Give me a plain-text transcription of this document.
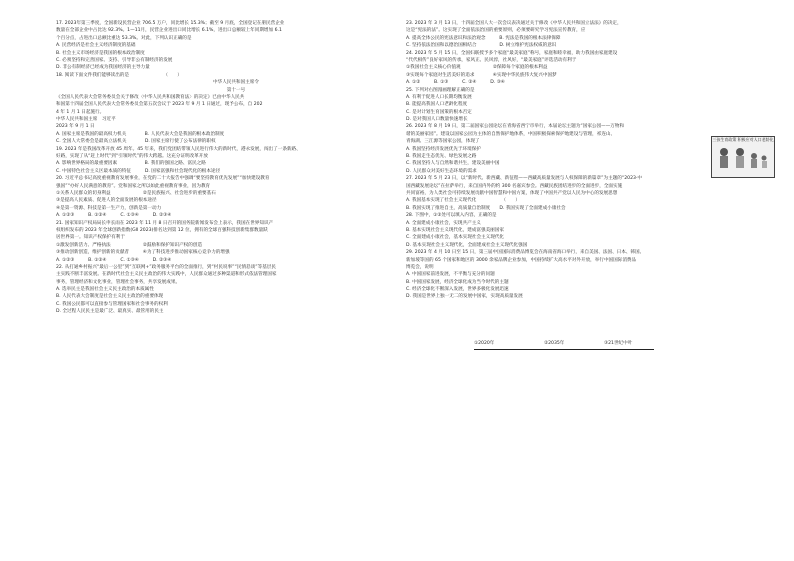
17. 2023年第三季度，全国新设民营企业 706.5 万户，同比增长 15.3%；截至 9 月底，全国登记在册民营企业
数量在全部企业中占比达 92.3%。1—11月，民营企业进出口同比增长 6.1%，进出口总额较上年同期增加 6.1
个百分点，占进出口总额比重达 53.3%。对此，下列认识正确的是
A. 民营经济是社会主义经济制度的基础
B. 社会主义市场经济是我国的根本政治制度
C. 必须坚持和完善国家、支持、引导非公有制经济的发展
D. 非公有制经济已经成为我国经济的主导力量
18. 阅读下面文件我们能够读出的是　　　　　　　　（　　）
中华人民共和国主席令
第十一号
《全国人民代表大会常务委员会关于修改〈中华人民共和国教育法〉的决定》已由中华人民共
和国第十四届全国人民代表大会常务委员会第五次会议于 2023 年 9 月 1 日通过，现予公布，自 202
4 年 1 月 1 日起施行。
中华人民共和国主席　习近平
2023 年 9 月 1 日
A. 国家主席是我国的最高权力机关　　　　B. 人民代表大会是我国的根本政治制度
C. 全国人大常委会是最高立法机关　　　　D. 国家主席行使了公布法律的职权
19. 2023 年是我国改革开放 45 周年。45 年来，我们党团结带领人民进行伟大的新时代，港永发展，闯出了一条新路、
好路，实现了从“赶上时代”到“引领时代”的伟大跨越。这充分证明改革开放
A. 影响世界格局的最重要因素　　　　　　B. 我们的强国之路、富民之路
C. 中国特色社会主义区最本质的特征　　　D. 国家富强和社会现代化的根本途径
20. 习近平总书记高度重视教育发展事业，在党的二十大报告中强调“要坚持教育优先发展”“加快建设教育
强国”“办好人民满意的教育”。党和国家之所以如此重视教育事业，因为教育
①关系人民群众的切身利益　　　　　　　②是民族振兴、社会进步的重要基石
③是提高人民素质、促进人的全面发展的根本途径
④是第一资源、科技是第一生产力，创新是第一动力
A. ①②③　　　B. ①②④　　　C. ①③④　　　D. ②③④
21. 国家知识产权局局长申长雨在 2023 年 11 月 8 日召开的国务院新闻发布会上表示，我国在世界知识产
权组织发布的 2023 年全球创新指数(GII 2023)排名达到第 12 位，拥有的全球百强科技创新集群数量跃
居世界第一。知识产权保护有利于
①激发创新活力、严格执法　　　　　　　②鼓励和保护知识产权的创造
③推动创新创造，维护创新的贡献者　　　④为了科技进步推动国家核心竞争力的增强
A. ①②③　　　B. ①②④　　　C. ①③④　　　D. ②③④
22. 从打通乡村振兴“最后一公里”到“互联网+”政务服务平台的全面推行，到“村民说事”“民情恳谈”等基层民
主实践不断丰富发展。在新时代社会主义民主政治的伟大实践中，人民群众通过多种渠道和形式依法管理国家
事务，管理经济和文化事业，管理社会事务，共享发展成果。
A. 选举民主是我国社会主义民主政治的本质属性
B. 人民代表大会制度是社会主义民主政治的重要体现
C. 我国公民都可以直接参与管理国家和社会事务的权利
D. 全过程人民民主是最广泛、最真实、最管用的民主
23. 2023 年 3 月 13 日，十四届全国人大一次会议表决通过关于修改《中华人民共和国立法法》的决定，
这是“宪法的法”。这实现了全面依法治国的重要原则，必须要研究学习宪法宣传教育，应
A. 提高全体公民的宪法意识和法治观念　　　B. 宪法是我国的根本法律保障
C. 坚持依法治国和以德治国相结合　　　　　D. 树立维护宪法权威的意识
24. 2023 年 5 月 15 日，全国妇联授予多个家庭“最美家庭”称号，家庭和睦幸福，助力我国由家庭建设
“代代相传”良好家风的传承，家风正、民风淳，社风好，“最美家庭”评选活动有利于
①我国社会主义核心价值观　　　　　　　②保障每个家庭的根本利益
③实现每个家庭对生活美好的追求　　　　④实现中华民族伟大复兴中国梦
A. ①②　　　B. ①③　　　C. ②④　　　D. ③④
25. 下列对右图漫画理解正确的是
A. 有利于促进人口长期均衡发展
B. 能提高我国人口老龄化程度
C. 是对计划生育国策的根本否定
D. 是对我国人口数量快速增长
26. 2023 年 8 月 19 日，第二届国家公园论坛在青海省西宁市举行，本届论坛主题为“国家公园——万物和
谐的美丽家园”。建设以国家公园为主体的自然保护地体系，中国积极探索保护地建设与管理，祁连山、
青海湖、三江源等国家公园，体现了
A. 我国坚持经济发展优先于环境保护
B. 我国走生态优先、绿色发展之路
C. 我国坚持人与自然和谐共生，建设美丽中国
D. 人民群众对美好生态环境的需求
27. 2023 年 5 月 23 日，以“新时代、新西藏、新征程——西藏高质量发展与人权保障的新篇章”为主题的“2023·中
国西藏发展论坛”在拉萨举行，来自国内外的约 300 名嘉宾参会。西藏民族团结进步的全面进步，全面实施
共同富裕，为人类社会可持续发展贡献中国智慧和中国方案，体现了中国共产党以人民为中心的发展思想
A. 我国基本实现了社会主义现代化　　　　　　（　　）
B. 我国实现了推进自主，高质量自治制度　　D. 我国实现了全面建成小康社会
28. 下图中，①②处可以填入内容，正确的是
A. 全面建成小康社会，实现共产主义
B. 基本实现社会主义现代化，建成富强美丽国家
C. 全面建成小康社会，基本实现社会主义现代化
D. 基本实现社会主义现代化，全面建成社会主义现代化强国
29. 2023 年 4 月 10 日至 15 日，第三届中国国际消费品博览会在海南省海口举行，来自美国、法国、日本、韩国、
新加坡等国的 65 个国家和地区的 3000 余家品牌企业参加，中国持续扩大高水平对外开放，举行中国国际消费品
博览会，说明
A. 中国国家前进发展，不平衡与充分的问题
B. 中国国家发展，经济全球化成为当今时代的主题
C. 经济全球化不断深入发展，世界多极化发展迅速
D. 我国是世界上独一无二的发展中国家，实现高质量发展
三孩生育政策 积极应对人口老龄化
①2020年	②2035年	③21世纪中叶
